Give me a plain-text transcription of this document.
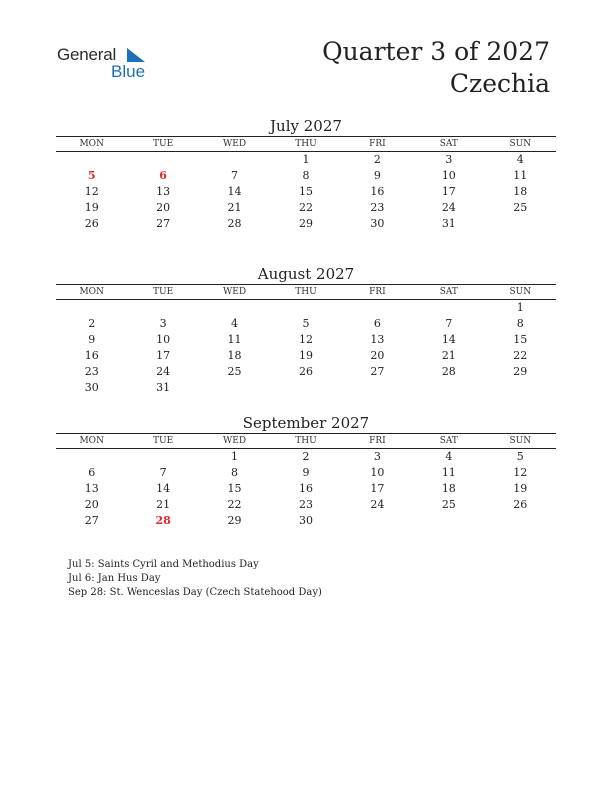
General
Blue
Quarter 3 of 2027
Czechia
July 2027
MON	TUE	WED	THU	FRI	SAT	SUN
			1	2	3	4
5	6	7	8	9	10	11
12	13	14	15	16	17	18
19	20	21	22	23	24	25
26	27	28	29	30	31	
August 2027
MON	TUE	WED	THU	FRI	SAT	SUN
						1
2	3	4	5	6	7	8
9	10	11	12	13	14	15
16	17	18	19	20	21	22
23	24	25	26	27	28	29
30	31					
September 2027
MON	TUE	WED	THU	FRI	SAT	SUN
		1	2	3	4	5
6	7	8	9	10	11	12
13	14	15	16	17	18	19
20	21	22	23	24	25	26
27	28	29	30			
Jul 5: Saints Cyril and Methodius Day
Jul 6: Jan Hus Day
Sep 28: St. Wenceslas Day (Czech Statehood Day)
